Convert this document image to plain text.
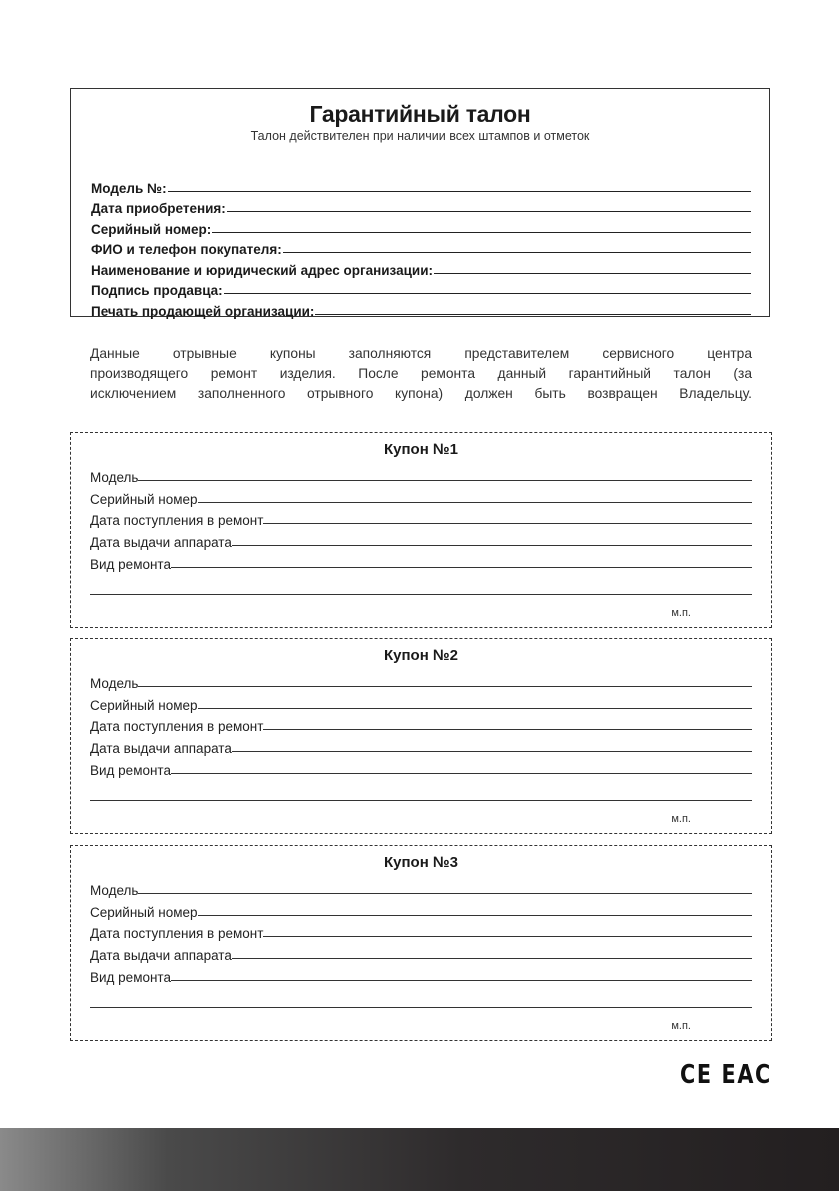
Гарантийный талон
Талон действителен при наличии всех штампов и отметок
Модель №:
Дата приобретения:
Серийный номер:
ФИО и телефон покупателя:
Наименование и юридический адрес организации:
Подпись продавца:
Печать продающей организации:
Данные отрывные купоны заполняются представителем сервисного центра
производящего ремонт изделия. После ремонта данный гарантийный талон (за
исключением заполненного отрывного купона) должен быть возвращен Владельцу.
Купон №1
Модель
Серийный номер
Дата поступления в ремонт
Дата выдачи аппарата
Вид ремонта
м.п.
Купон №2
Модель
Серийный номер
Дата поступления в ремонт
Дата выдачи аппарата
Вид ремонта
м.п.
Купон №3
Модель
Серийный номер
Дата поступления в ремонт
Дата выдачи аппарата
Вид ремонта
м.п.
CE EAC
